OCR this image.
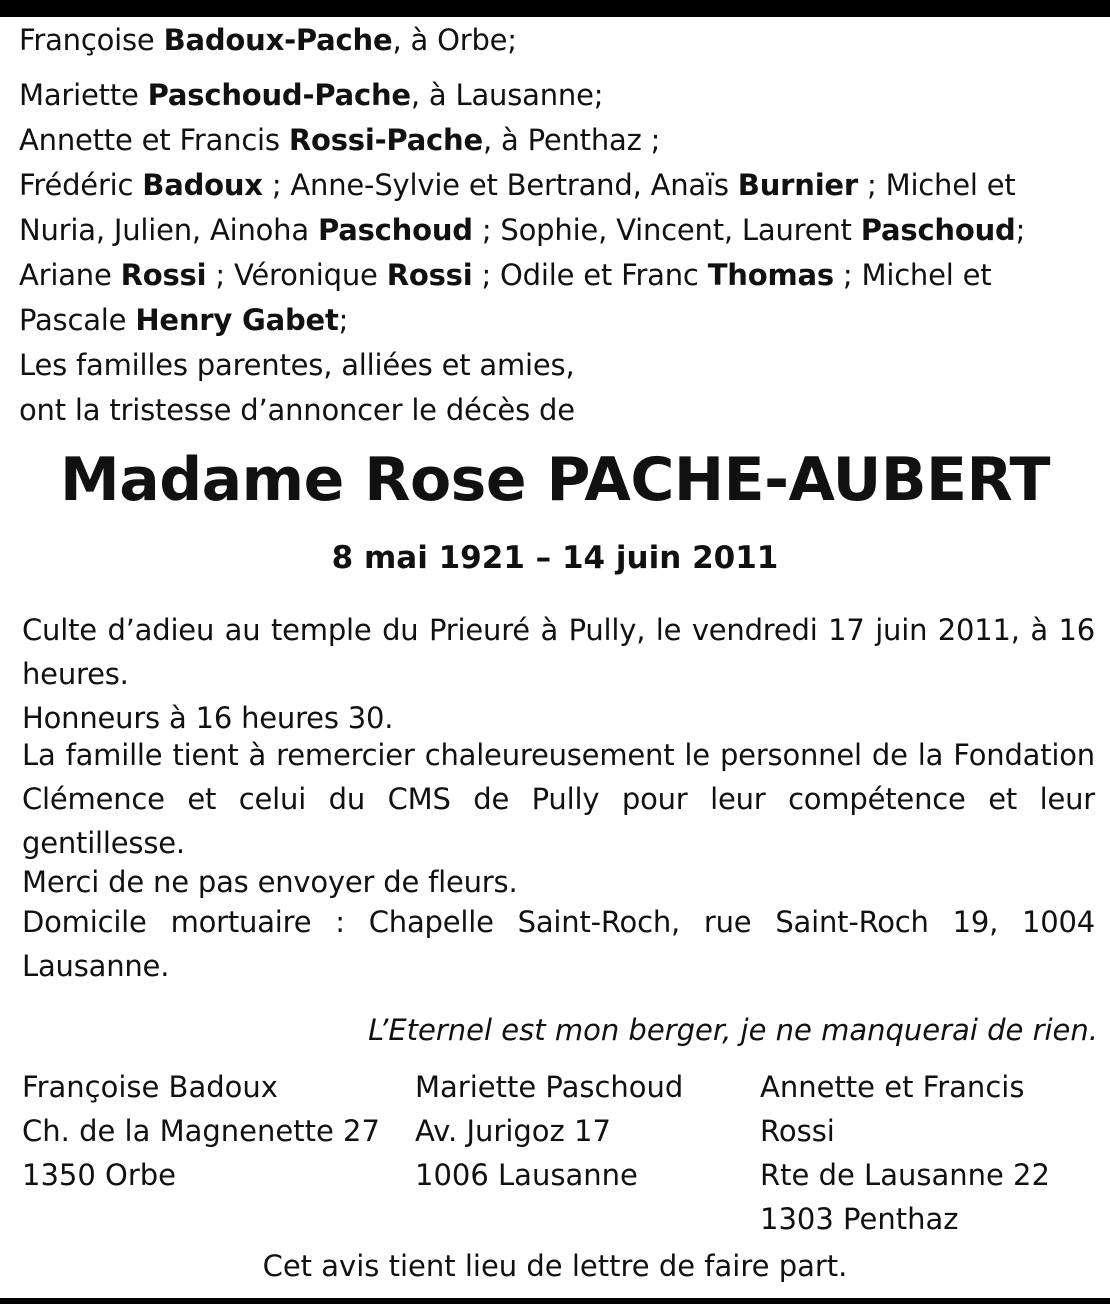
Françoise Badoux-Pache, à Orbe;
Mariette Paschoud-Pache, à Lausanne;
Annette et Francis Rossi-Pache, à Penthaz ;
Frédéric Badoux ; Anne-Sylvie et Bertrand, Anaïs Burnier ; Michel et
Nuria, Julien, Ainoha Paschoud ; Sophie, Vincent, Laurent Paschoud;
Ariane Rossi ; Véronique Rossi ; Odile et Franc Thomas ; Michel et
Pascale Henry Gabet;
Les familles parentes, alliées et amies,
ont la tristesse d’annoncer le décès de
Madame Rose PACHE-AUBERT
8 mai 1921 – 14 juin 2011
Culte d’adieu au temple du Prieuré à Pully, le vendredi 17 juin 2011, à 16 heures.
Honneurs à 16 heures 30.
La famille tient à remercier chaleureusement le personnel de la Fondation Clémence et celui du CMS de Pully pour leur compétence et leur gentillesse.
Merci de ne pas envoyer de fleurs.
Domicile mortuaire : Chapelle Saint-Roch, rue Saint-Roch 19, 1004 Lausanne.
L’Eternel est mon berger, je ne manquerai de rien.
Françoise Badoux
Ch. de la Magnenette 27
1350 Orbe
Mariette Paschoud
Av. Jurigoz 17
1006 Lausanne
Annette et Francis
Rossi
Rte de Lausanne 22
1303 Penthaz
Cet avis tient lieu de lettre de faire part.
